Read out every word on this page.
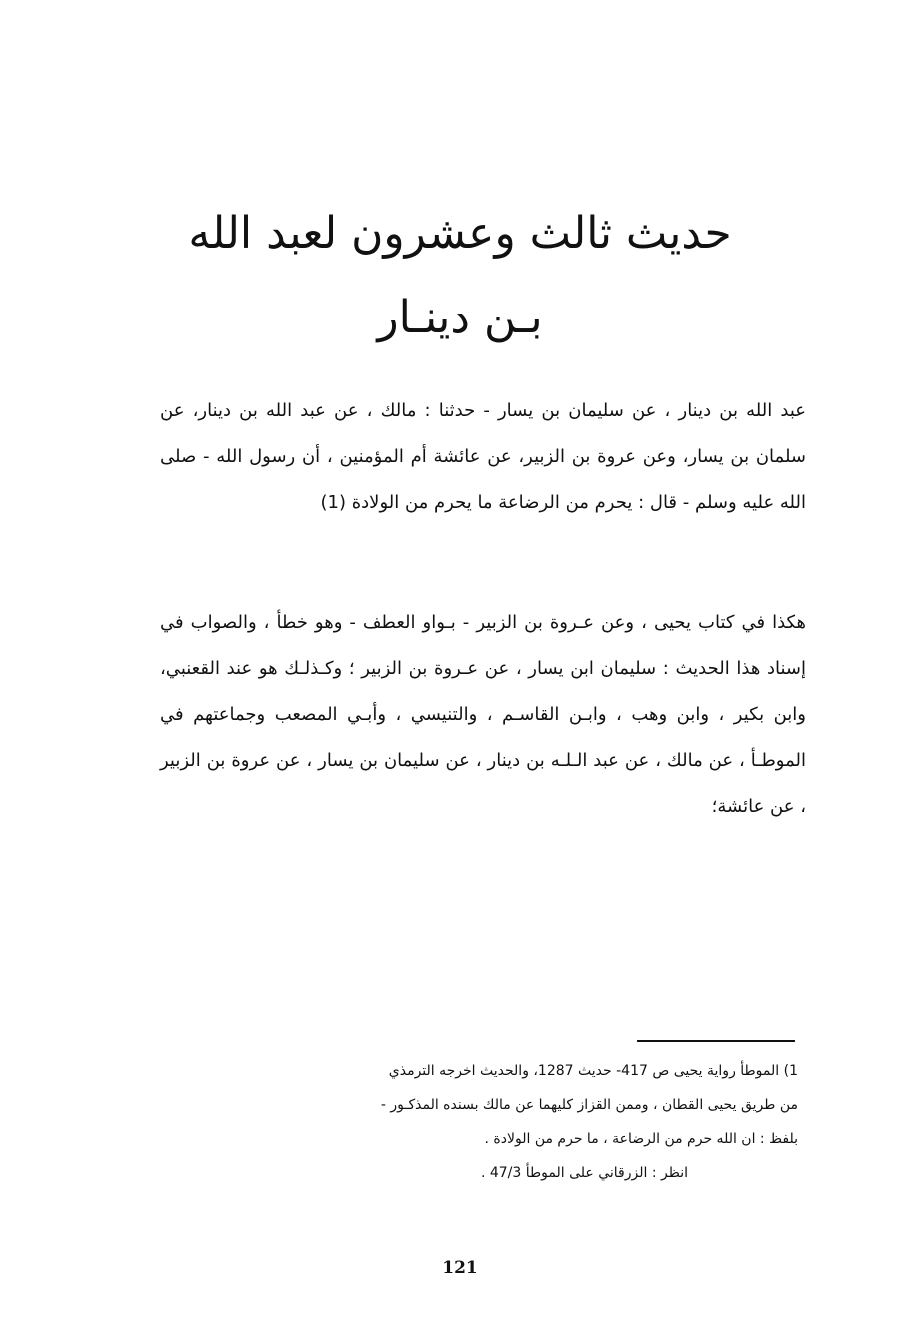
حديث ثالث وعشرون لعبد الله
بـن دينـار

عبد الله بن دينار ، عن سليمان بن يسار - حدثنا : مالك ، عن عبد الله بن دينار، عن سلمان بن يسار، وعن عروة بن الزبير، عن عائشة أم المؤمنين ، أن رسول الله - صلى الله عليه وسلم - قال : يحرم من الرضاعة ما يحرم من الولادة (1)

هكذا في كتاب يحيى ، وعن عـروة بن الزبير - بـواو العطف - وهو خطأ ، والصواب في إسناد هذا الحديث : سليمان ابن يسار ، عن عـروة بن الزبير ؛ وكـذلـك هو عند القعنبي، وابن بكير ، وابن وهب ، وابـن القاسـم ، والتنيسي ، وأبـي المصعب وجماعتهم في الموطـأ ، عن مالك ، عن عبد الـلـه بن دينار ، عن سليمان بن يسار ، عن عروة بن الزبير ، عن عائشة؛

1) الموطأ رواية يحيى ص 417- حديث 1287، والحديث اخرجه الترمذي
من طريق يحيى القطان ، وممن القزاز كليهما عن مالك بسنده المذكـور -
بلفظ : ان الله حرم من الرضاعة ، ما حرم من الولادة .
انظر : الزرقاني على الموطأ 47/3 .
121
